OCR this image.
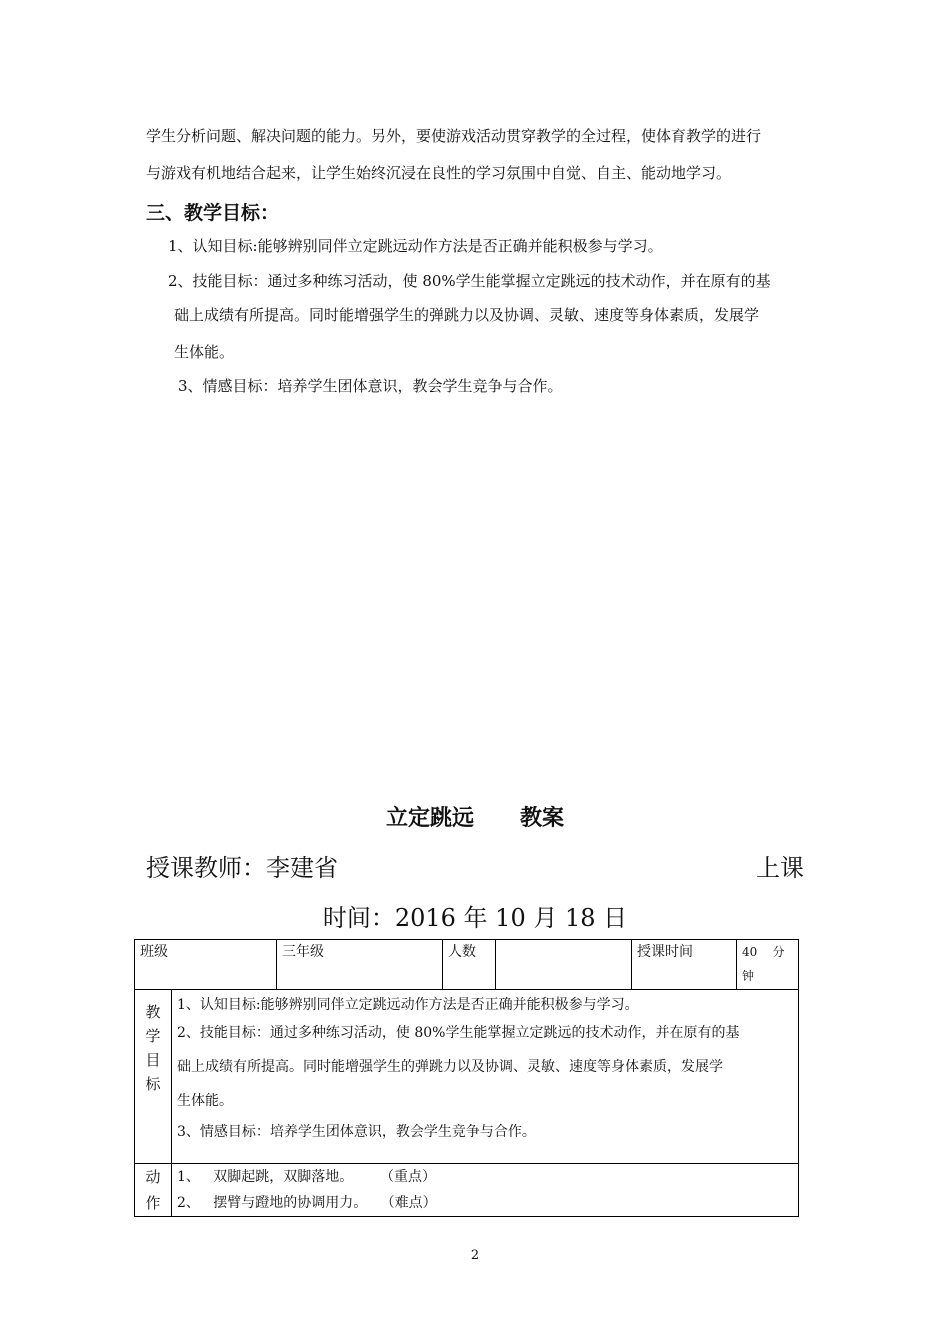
学生分析问题、解决问题的能力。另外，要使游戏活动贯穿教学的全过程，使体育教学的进行
与游戏有机地结合起来，让学生始终沉浸在良性的学习氛围中自觉、自主、能动地学习。
三、教学目标：
1、认知目标:能够辨别同伴立定跳远动作方法是否正确并能积极参与学习。
2、技能目标：通过多种练习活动，使 80%学生能掌握立定跳远的技术动作，并在原有的基
础上成绩有所提高。同时能增强学生的弹跳力以及协调、灵敏、速度等身体素质，发展学
生体能。
3、情感目标：培养学生团体意识，教会学生竞争与合作。
立定跳远      教案
授课教师：李建省	上课
时间：2016 年 10 月 18 日
班级		三年级	人数		授课时间	40    分
钟

教
学
目
标	1、认知目标:能够辨别同伴立定跳远动作方法是否正确并能积极参与学习。
2、技能目标：通过多种练习活动，使 80%学生能掌握立定跳远的技术动作，并在原有的基
础上成绩有所提高。同时能增强学生的弹跳力以及协调、灵敏、速度等身体素质，发展学
生体能。
3、情感目标：培养学生团体意识，教会学生竞争与合作。					

动
作	1、   双脚起跳，双脚落地。      （重点）
2、   摆臂与蹬地的协调用力。   （难点）					
2
